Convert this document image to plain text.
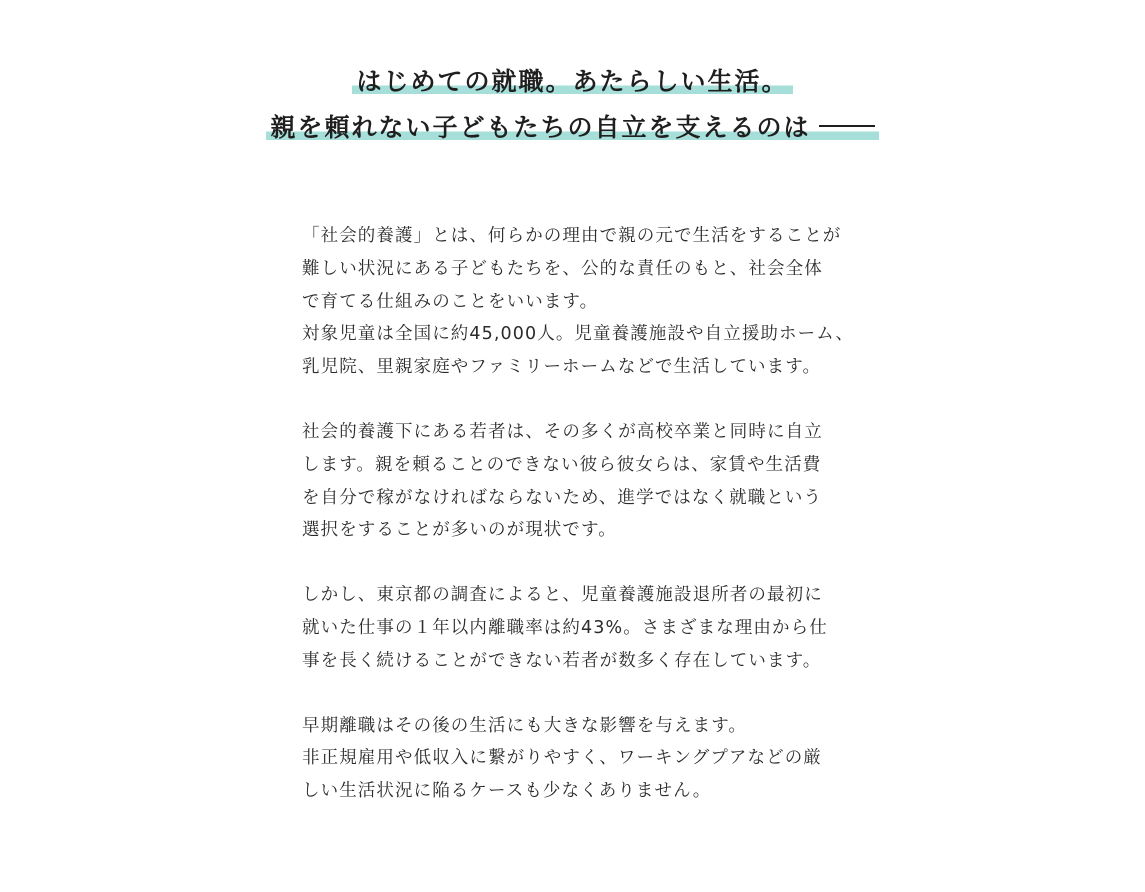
はじめての就職。あたらしい生活。
親を頼れない子どもたちの自立を支えるのは
「社会的養護」とは、何らかの理由で親の元で生活をすることが
難しい状況にある子どもたちを、公的な責任のもと、社会全体
で育てる仕組みのことをいいます。
対象児童は全国に約45,000人。児童養護施設や自立援助ホーム、
乳児院、里親家庭やファミリーホームなどで生活しています。
社会的養護下にある若者は、その多くが高校卒業と同時に自立
します。親を頼ることのできない彼ら彼女らは、家賃や生活費
を自分で稼がなければならないため、進学ではなく就職という
選択をすることが多いのが現状です。
しかし、東京都の調査によると、児童養護施設退所者の最初に
就いた仕事の１年以内離職率は約43%。さまざまな理由から仕
事を長く続けることができない若者が数多く存在しています。
早期離職はその後の生活にも大きな影響を与えます。
非正規雇用や低収入に繋がりやすく、ワーキングプアなどの厳
しい生活状況に陥るケースも少なくありません。
